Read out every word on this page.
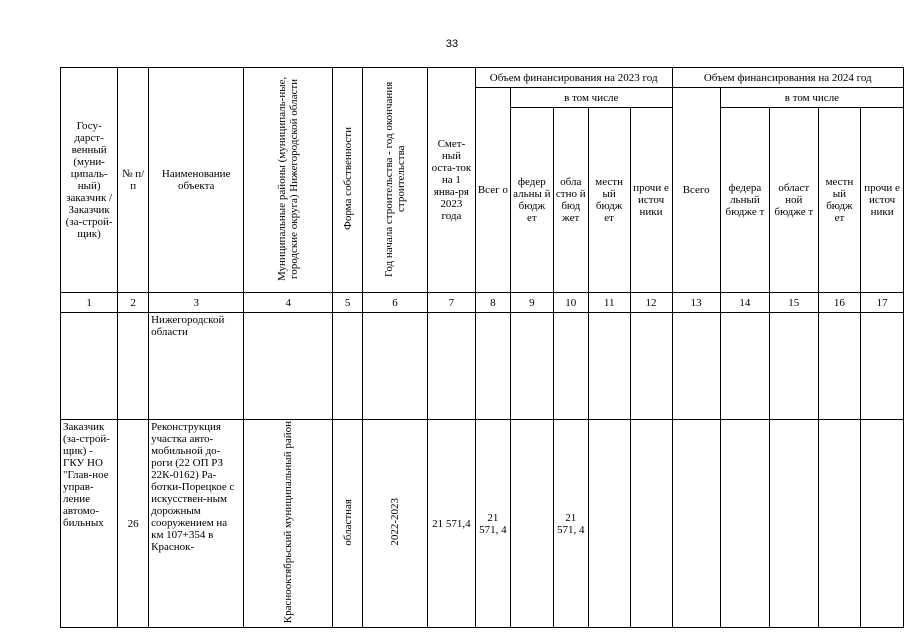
33
Госу-дарст-венный (муни-ципаль-ный) заказчик / Заказчик (за-строй-щик)	№ п/п	Наименование объекта	Муниципальные районы (муниципаль-ные, городские округа) Нижегородской области	Форма собственности	Год начала строительства - год окончания строительства	Смет-ный оста-ток на 1 янва-ря 2023 года	Объем финансирования на 2023 год					Объем финансирования на 2024 год				
							Всег о	в том числе				Всего	в том числе			
								федер альны й бюдж ет	обла стно й бюд жет	местн ый бюдж ет	прочи е источ ники		федера льный бюдже т	област ной бюдже т	местн ый бюдж ет	прочи е источ ники
1	2	3	4	5	6	7	8	9	10	11	12	13	14	15	16	17
		Нижегородской области														
Заказчик (за-строй-щик) - ГКУ НО "Глав-ное управ-ление автомо-бильных	26	Реконструкция участка авто-мобильной до-роги (22 ОП РЗ 22К-0162) Ра-ботки-Порецкое с искусствен-ным дорожным сооружением на км 107+354 в Краснок-	Краснооктябрьский муниципальный район	областная	2022-2023	21 571,4	21 571, 4		21 571, 4							
